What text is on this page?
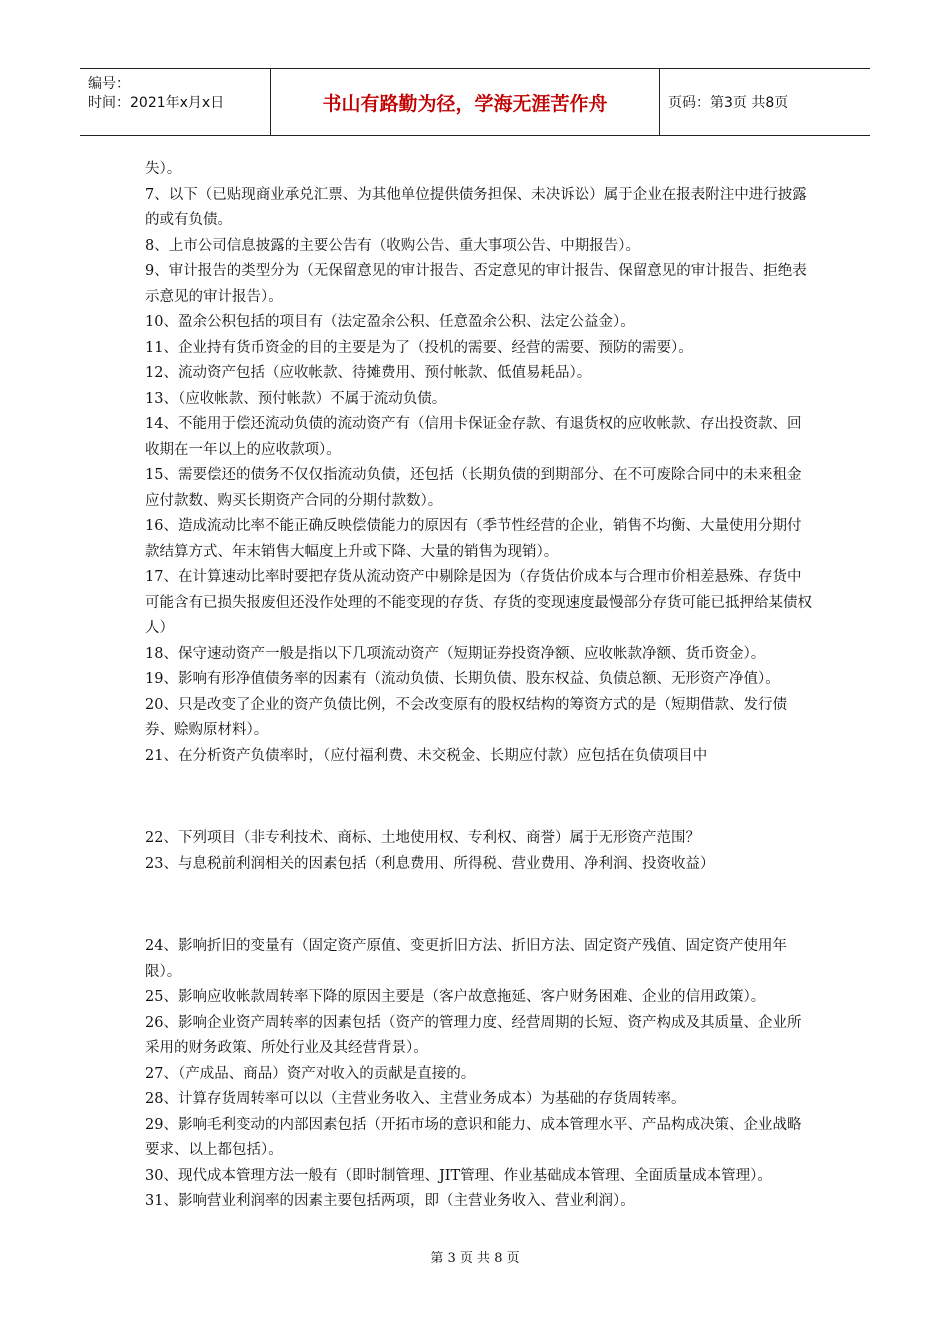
编号：
时间：2021年x月x日	书山有路勤为径，学海无涯苦作舟	页码：第3页 共8页

失）。

7、以下（已贴现商业承兑汇票、为其他单位提供债务担保、未决诉讼）属于企业在报表附注中进行披露的或有负债。

8、上市公司信息披露的主要公告有（收购公告、重大事项公告、中期报告）。

9、审计报告的类型分为（无保留意见的审计报告、否定意见的审计报告、保留意见的审计报告、拒绝表示意见的审计报告）。

10、盈余公积包括的项目有（法定盈余公积、任意盈余公积、法定公益金）。

11、企业持有货币资金的目的主要是为了（投机的需要、经营的需要、预防的需要）。

12、流动资产包括（应收帐款、待摊费用、预付帐款、低值易耗品）。

13、（应收帐款、预付帐款）不属于流动负债。

14、不能用于偿还流动负债的流动资产有（信用卡保证金存款、有退货权的应收帐款、存出投资款、回收期在一年以上的应收款项）。

15、需要偿还的债务不仅仅指流动负债，还包括（长期负债的到期部分、在不可废除合同中的未来租金应付款数、购买长期资产合同的分期付款数）。

16、造成流动比率不能正确反映偿债能力的原因有（季节性经营的企业，销售不均衡、大量使用分期付款结算方式、年末销售大幅度上升或下降、大量的销售为现销）。

17、在计算速动比率时要把存货从流动资产中剔除是因为（存货估价成本与合理市价相差悬殊、存货中可能含有已损失报废但还没作处理的不能变现的存货、存货的变现速度最慢部分存货可能已抵押给某债权人）

18、保守速动资产一般是指以下几项流动资产（短期证券投资净额、应收帐款净额、货币资金）。

19、影响有形净值债务率的因素有（流动负债、长期负债、股东权益、负债总额、无形资产净值）。

20、只是改变了企业的资产负债比例，不会改变原有的股权结构的筹资方式的是（短期借款、发行债券、赊购原材料）。

21、在分析资产负债率时，（应付福利费、未交税金、长期应付款）应包括在负债项目中

22、下列项目（非专利技术、商标、土地使用权、专利权、商誉）属于无形资产范围？

23、与息税前利润相关的因素包括（利息费用、所得税、营业费用、净利润、投资收益）

24、影响折旧的变量有（固定资产原值、变更折旧方法、折旧方法、固定资产残值、固定资产使用年限）。

25、影响应收帐款周转率下降的原因主要是（客户故意拖延、客户财务困难、企业的信用政策）。

26、影响企业资产周转率的因素包括（资产的管理力度、经营周期的长短、资产构成及其质量、企业所采用的财务政策、所处行业及其经营背景）。

27、（产成品、商品）资产对收入的贡献是直接的。

28、计算存货周转率可以以（主营业务收入、主营业务成本）为基础的存货周转率。

29、影响毛利变动的内部因素包括（开拓市场的意识和能力、成本管理水平、产品构成决策、企业战略要求、以上都包括）。

30、现代成本管理方法一般有（即时制管理、JIT管理、作业基础成本管理、全面质量成本管理）。

31、影响营业利润率的因素主要包括两项，即（主营业务收入、营业利润）。

第 3 页 共 8 页
